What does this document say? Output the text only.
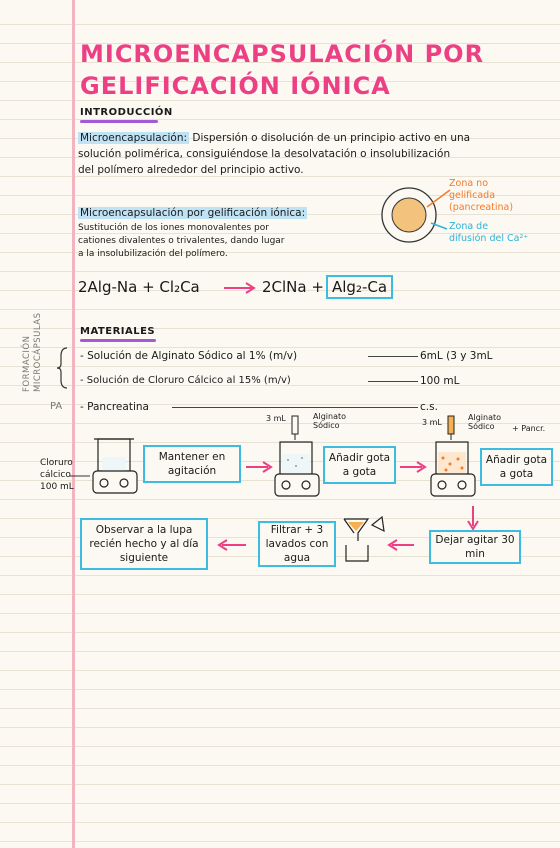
MICROENCAPSULACIÓN POR
GELIFICACIÓN IÓNICA
INTRODUCCIÓN
Microencapsulación: Dispersión o disolución de un principio activo en una
solución polimérica, consiguiéndose la desolvatación o insolubilización
del polímero alrededor del principio activo.
Microencapsulación por gelificación iónica:
Sustitución de los iones monovalentes por
cationes divalentes o trivalentes, dando lugar
a la insolubilización del polímero.
Zona no
gelificada
(pancreatina)
Zona de
difusión del Ca²⁺
2Alg-Na + Cl₂Ca → 2ClNa + Alg₂-Ca
FORMACIÓN MICROCÁPSULAS
PA
MATERIALES
- Solución de Alginato Sódico al 1% (m/v)	6mL (3 y 3mL
- Solución de Cloruro Cálcico al 15% (m/v)	100 mL
- Pancreatina	c.s.
Cloruro
cálcico
100 mL
Mantener en agitación
3 mL	Alginato
Sódico
Añadir gota a gota
3 mL
Alginato
Sódico	+ Pancr.
Añadir gota a gota
Dejar agitar 30 min
Filtrar + 3 lavados con agua
Observar a la lupa recién hecho y al día siguiente
